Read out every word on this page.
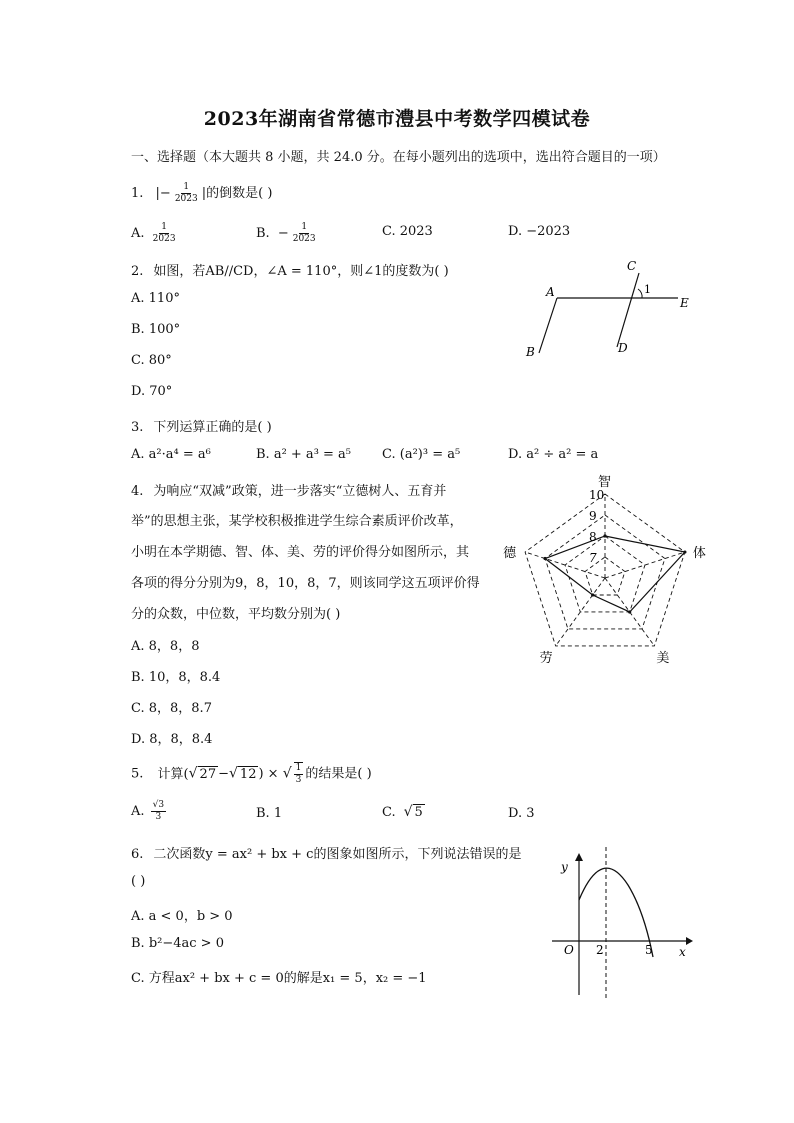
2023年湖南省常德市澧县中考数学四模试卷
一、选择题（本大题共 8 小题，共 24.0 分。在每小题列出的选项中，选出符合题目的一项）
1. |− $\frac{1}{2023}$ |的倒数是( )
A. $\frac{1}{2023}$	B. − $\frac{1}{2023}$	C. 2023	D. −2023
2. 如图，若AB//CD，∠A = 110°，则∠1的度数为( )
A. 110°
B. 100°
C. 80°
D. 70°
A
B
C
D
E
1
3. 下列运算正确的是( )
A. a²·a⁴ = a⁶	B. a² + a³ = a⁵ C. (a²)³ = a⁵	D. a² ÷ a² = a
4. 为响应“双减”政策，进一步落实“立德树人、五育并
举”的思想主张，某学校积极推进学生综合素质评价改革，
小明在本学期德、智、体、美、劳的评价得分如图所示，其
各项的得分分别为9，8，10，8，7，则该同学这五项评价得
分的众数，中位数，平均数分别为( )
A. 8，8，8
B. 10，8，8.4
C. 8，8，8.7
D. 8，8，8.4
智
体
美
劳
德
10
9
8
7
5. 计算(√ 27 −√ 12 ) × √ $\frac{1}{3}$ 的结果是( )
A. $\frac{√3}{3}$	B. 1	C. √ 5	D. 3
6. 二次函数y = ax² + bx + c的图象如图所示，下列说法错误的是
( )
A. a < 0，b > 0
B. b²−4ac > 0
C. 方程ax² + bx + c = 0的解是x₁ = 5，x₂ = −1
y
x
O 2	5
